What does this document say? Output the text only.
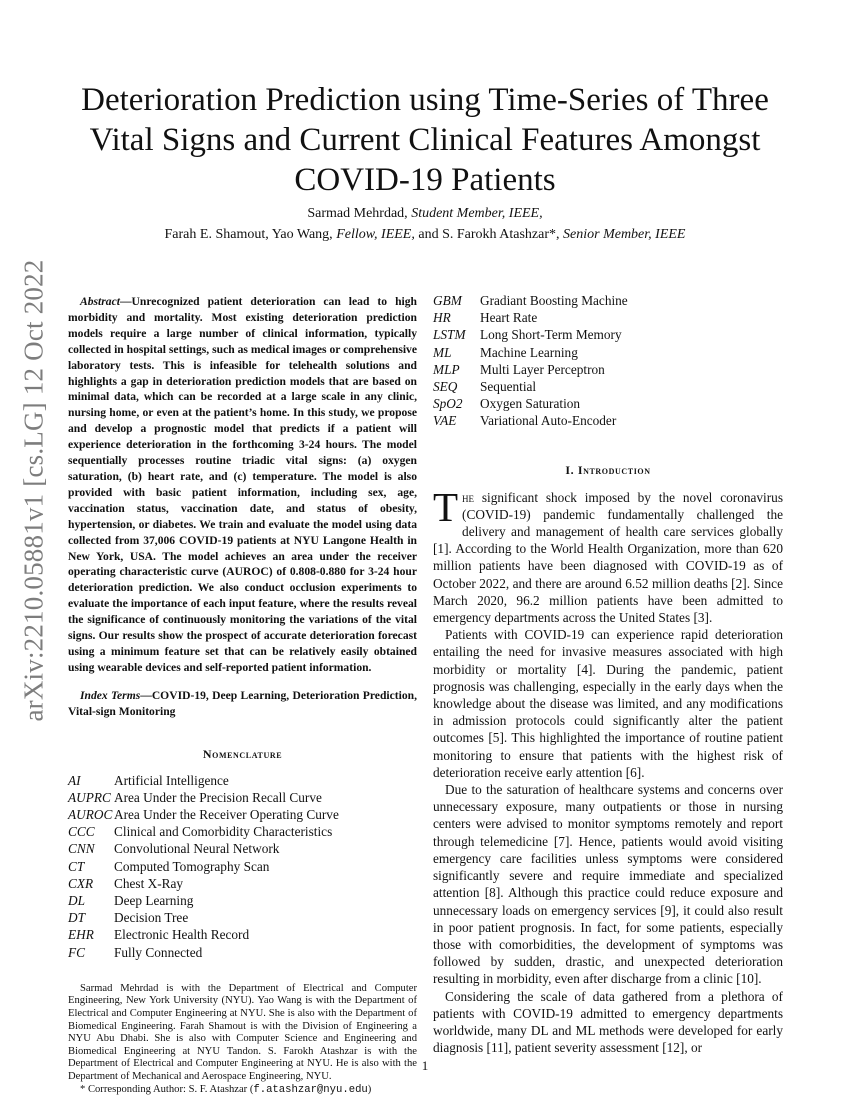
arXiv:2210.05881v1 [cs.LG] 12 Oct 2022
Deterioration Prediction using Time-Series of Three Vital Signs and Current Clinical Features Amongst COVID-19 Patients
Sarmad Mehrdad, Student Member, IEEE,
Farah E. Shamout, Yao Wang, Fellow, IEEE, and S. Farokh Atashzar*, Senior Member, IEEE

Abstract—Unrecognized patient deterioration can lead to high morbidity and mortality. Most existing deterioration prediction models require a large number of clinical information, typically collected in hospital settings, such as medical images or comprehensive laboratory tests. This is infeasible for telehealth solutions and highlights a gap in deterioration prediction models that are based on minimal data, which can be recorded at a large scale in any clinic, nursing home, or even at the patient’s home. In this study, we propose and develop a prognostic model that predicts if a patient will experience deterioration in the forthcoming 3-24 hours. The model sequentially processes routine triadic vital signs: (a) oxygen saturation, (b) heart rate, and (c) temperature. The model is also provided with basic patient information, including sex, age, vaccination status, vaccination date, and status of obesity, hypertension, or diabetes. We train and evaluate the model using data collected from 37,006 COVID-19 patients at NYU Langone Health in New York, USA. The model achieves an area under the receiver operating characteristic curve (AUROC) of 0.808-0.880 for 3-24 hour deterioration prediction. We also conduct occlusion experiments to evaluate the importance of each input feature, where the results reveal the significance of continuously monitoring the variations of the vital signs. Our results show the prospect of accurate deterioration forecast using a minimum feature set that can be relatively easily obtained using wearable devices and self-reported patient information.

Index Terms—COVID-19, Deep Learning, Deterioration Prediction, Vital-sign Monitoring

Nomenclature
AI	Artificial Intelligence
AUPRC Area Under the Precision Recall Curve
AUROC Area Under the Receiver Operating Curve
CCC	Clinical and Comorbidity Characteristics
CNN	Convolutional Neural Network
CT	Computed Tomography Scan
CXR	Chest X-Ray
DL	Deep Learning
DT	Decision Tree
EHR	Electronic Health Record
FC	Fully Connected
Sarmad Mehrdad is with the Department of Electrical and Computer Engineering, New York University (NYU). Yao Wang is with the Department of Electrical and Computer Engineering at NYU. She is also with the Department of Biomedical Engineering. Farah Shamout is with the Division of Engineering a NYU Abu Dhabi. She is also with Computer Science and Engineering and Biomedical Engineering at NYU Tandon. S. Farokh Atashzar is with the Department of Electrical and Computer Engineering at NYU. He is also with the Department of Mechanical and Aerospace Engineering, NYU.
* Corresponding Author: S. F. Atashzar (f.atashzar@nyu.edu)
GBM	Gradiant Boosting Machine
HR	Heart Rate
LSTM	Long Short-Term Memory
ML	Machine Learning
MLP	Multi Layer Perceptron
SEQ	Sequential
SpO2	Oxygen Saturation
VAE	Variational Auto-Encoder
I. Introduction

The significant shock imposed by the novel coronavirus (COVID-19) pandemic fundamentally challenged the delivery and management of health care services globally [1]. According to the World Health Organization, more than 620 million patients have been diagnosed with COVID-19 as of October 2022, and there are around 6.52 million deaths [2]. Since March 2020, 96.2 million patients have been admitted to emergency departments across the United States [3].

Patients with COVID-19 can experience rapid deterioration entailing the need for invasive measures associated with high morbidity or mortality [4]. During the pandemic, patient prognosis was challenging, especially in the early days when the knowledge about the disease was limited, and any modifications in admission protocols could significantly alter the patient outcomes [5]. This highlighted the importance of routine patient monitoring to ensure that patients with the highest risk of deterioration receive early attention [6].

Due to the saturation of healthcare systems and concerns over unnecessary exposure, many outpatients or those in nursing centers were advised to monitor symptoms remotely and report through telemedicine [7]. Hence, patients would avoid visiting emergency care facilities unless symptoms were considered significantly severe and require immediate and specialized attention [8]. Although this practice could reduce exposure and unnecessary loads on emergency services [9], it could also result in poor patient prognosis. In fact, for some patients, especially those with comorbidities, the development of symptoms was followed by sudden, drastic, and unexpected deterioration resulting in morbidity, even after discharge from a clinic [10].

Considering the scale of data gathered from a plethora of patients with COVID-19 admitted to emergency departments worldwide, many DL and ML methods were developed for early diagnosis [11], patient severity assessment [12], or

1
